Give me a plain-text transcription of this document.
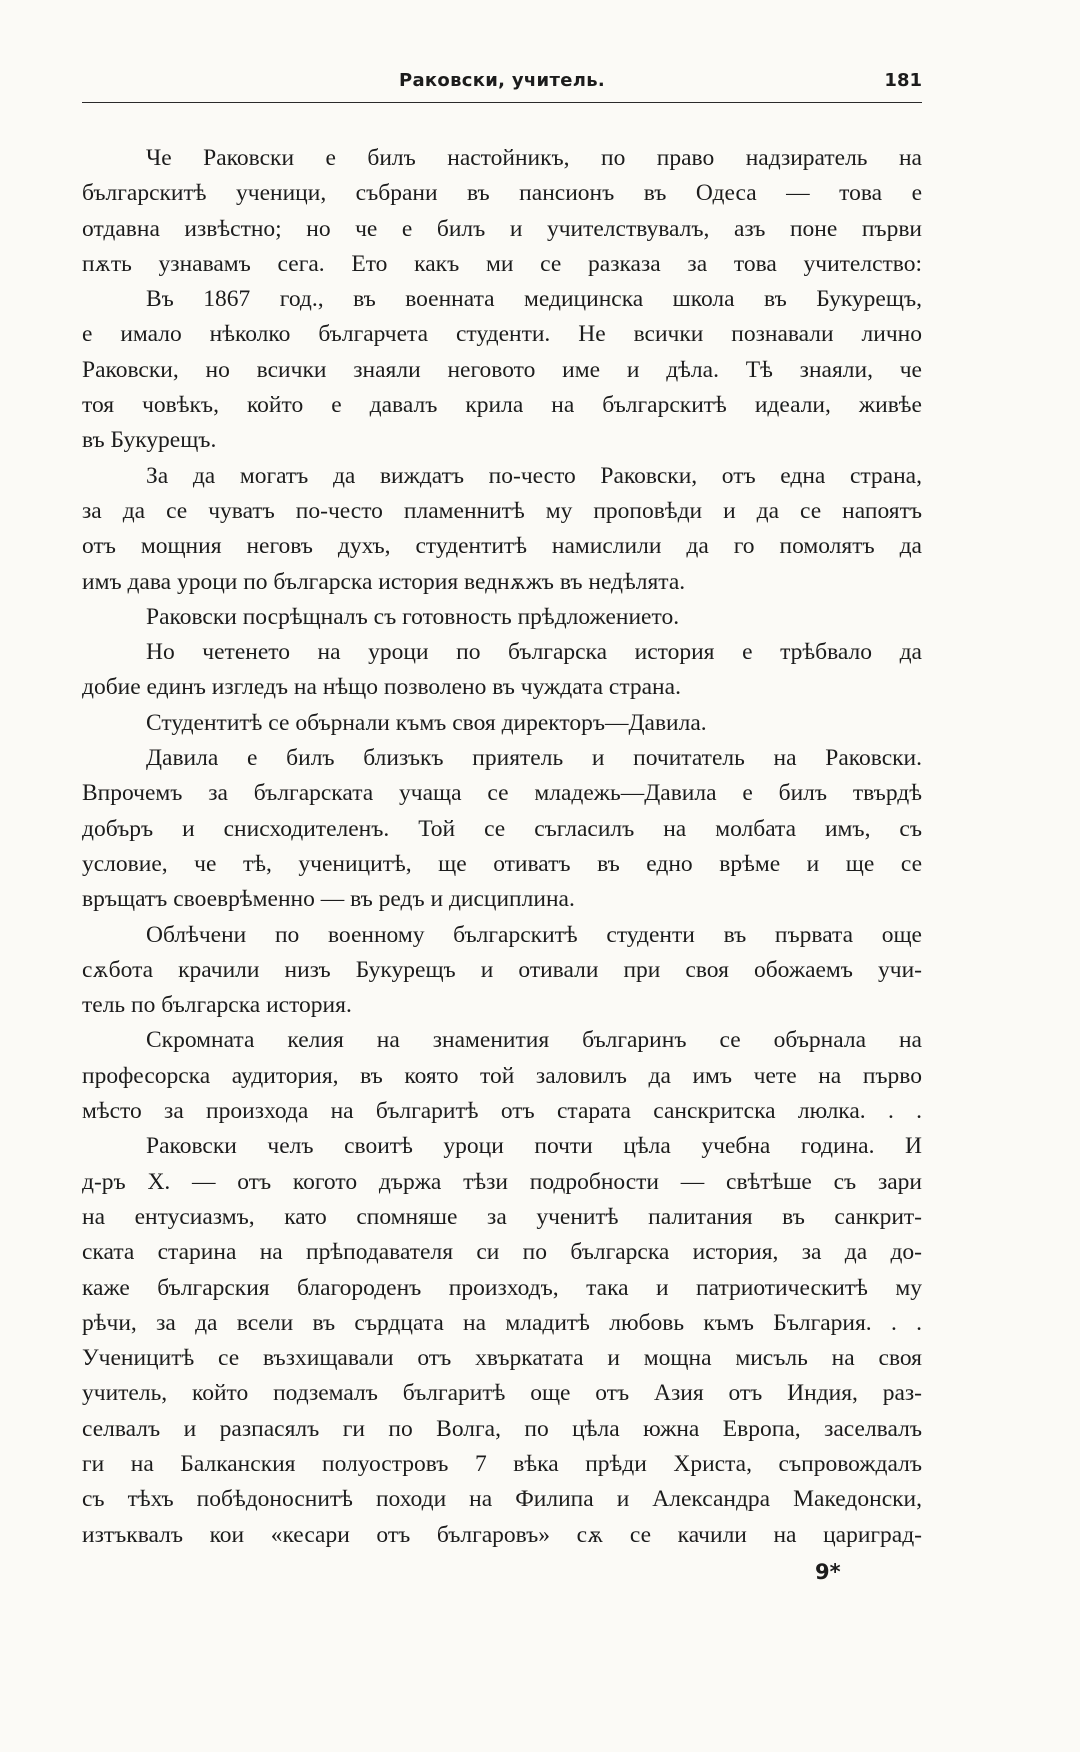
Раковски, учитель.	181
Че Раковски е билъ настойникъ, по право надзиратель на
българскитѣ ученици, събрани въ пансионъ въ Одеса — това е
отдавна извѣстно; но че е билъ и учителствувалъ, азъ поне първи
пѫть узнавамъ сега. Ето какъ ми се разказа за това учителство:
Въ 1867 год., въ военната медицинска школа въ Букурещъ,
е имало нѣколко българчета студенти. Не всички познавали лично
Раковски, но всички знаяли неговото име и дѣла. Тѣ знаяли, че
тоя човѣкъ, който е давалъ крила на българскитѣ идеали, живѣе
въ Букурещъ.
За да могатъ да виждатъ по-често Раковски, отъ една страна,
за да се чуватъ по-често пламеннитѣ му проповѣди и да се напоятъ
отъ мощния неговъ духъ, студентитѣ намислили да го помолятъ да
имъ дава уроци по българска история веднѫжъ въ недѣлята.
Раковски посрѣщналъ съ готовность прѣдложението.
Но четенето на уроци по българска история е трѣбвало да
добие единъ изгледъ на нѣщо позволено въ чуждата страна.
Студентитѣ се обърнали къмъ своя директоръ—Давила.
Давила е билъ близъкъ приятель и почитатель на Раковски.
Впрочемъ за българската учаща се младежь—Давила е билъ твърдѣ
добъръ и снисходителенъ. Той се съгласилъ на молбата имъ, съ
условие, че тѣ, ученицитѣ, ще отиватъ въ едно врѣме и ще се
връщатъ своеврѣменно — въ редъ и дисциплина.
Облѣчени по военному българскитѣ студенти въ първата още
сѫбота крачили низъ Букурещъ и отивали при своя обожаемъ учи-
тель по българска история.
Скромната келия на знаменития българинъ се обърнала на
професорска аудитория, въ която той заловилъ да имъ чете на първо
мѣсто за произхода на българитѣ отъ старата санскритска люлка. . .
Раковски челъ своитѣ уроци почти цѣла учебна година. И
д-ръ Х. — отъ когото държа тѣзи подробности — свѣтѣше съ зари
на ентусиазмъ, като спомняше за ученитѣ палитания въ санкрит-
ската старина на прѣподавателя си по българска история, за да до-
каже българския благороденъ произходъ, така и патриотическитѣ му
рѣчи, за да всели въ сърдцата на младитѣ любовь къмъ България. . .
Ученицитѣ се възхищавали отъ хвъркатата и мощна мисъль на своя
учитель, който подземалъ българитѣ още отъ Азия отъ Индия, раз-
селвалъ и разпасялъ ги по Волга, по цѣла южна Европа, заселвалъ
ги на Балканския полуостровъ 7 вѣка прѣди Христа, съпровождалъ
съ тѣхъ побѣдоноснитѣ походи на Филипа и Александра Македонски,
изтъквалъ кои «кесари отъ българовъ» сѫ се качили на цариград-
9*
